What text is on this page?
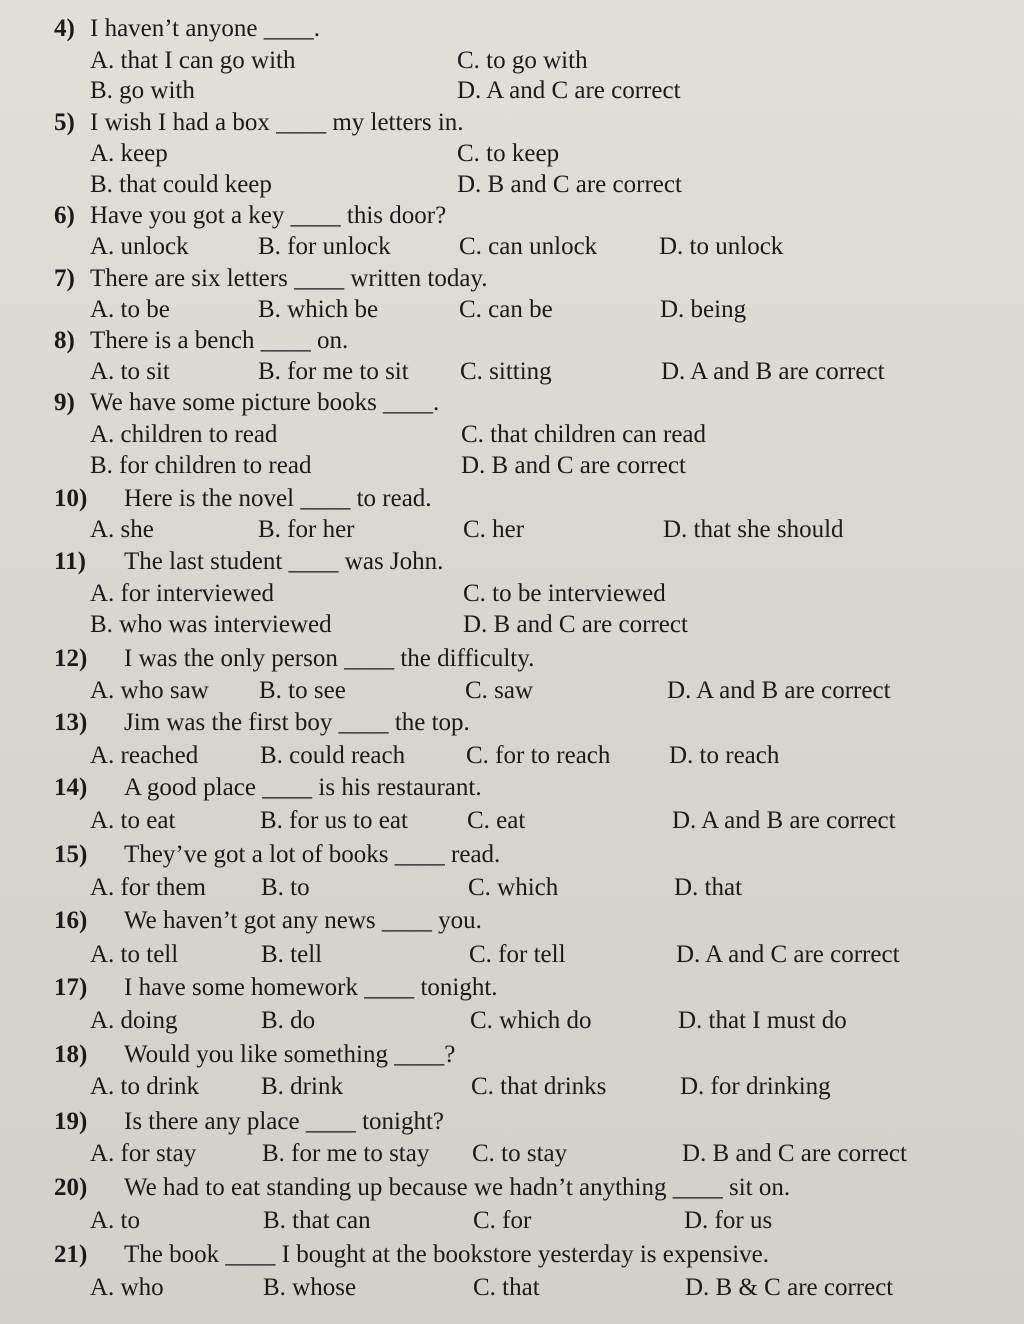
4) I haven’t anyone ____.
A. that I can go with	C. to go with
B. go with	D. A and C are correct
5) I wish I had a box ____ my letters in.
A. keep	C. to keep
B. that could keep	D. B and C are correct
6) Have you got a key ____ this door?
A. unlock	B. for unlock	C. can unlock D. to unlock
7) There are six letters ____ written today.
A. to be	B. which be	C. can be	D. being
8) There is a bench ____ on.
A. to sit	B. for me to sit C. sitting	D. A and B are correct
9) We have some picture books ____.
A. children to read	C. that children can read
B. for children to read	D. B and C are correct
10) Here is the novel ____ to read.
A. she	B. for her	C. her	D. that she should
11) The last student ____ was John.
A. for interviewed	C. to be interviewed
B. who was interviewed	D. B and C are correct
12) I was the only person ____ the difficulty.
A. who saw B. to see	C. saw	D. A and B are correct
13) Jim was the first boy ____ the top.
A. reached B. could reach C. for to reach D. to reach
14) A good place ____ is his restaurant.
A. to eat	B. for us to eat C. eat	D. A and B are correct
15) They’ve got a lot of books ____ read.
A. for them B. to	C. which	D. that
16) We haven’t got any news ____ you.
A. to tell	B. tell	C. for tell	D. A and C are correct
17) I have some homework ____ tonight.
A. doing	B. do	C. which do	D. that I must do
18) Would you like something ____?
A. to drink B. drink	C. that drinks	D. for drinking
19) Is there any place ____ tonight?
A. for stay	B. for me to stay C. to stay	D. B and C are correct
20) We had to eat standing up because we hadn’t anything ____ sit on.
A. to	B. that can	C. for	D. for us
21) The book ____ I bought at the bookstore yesterday is expensive.
A. who	B. whose	C. that	D. B & C are correct
